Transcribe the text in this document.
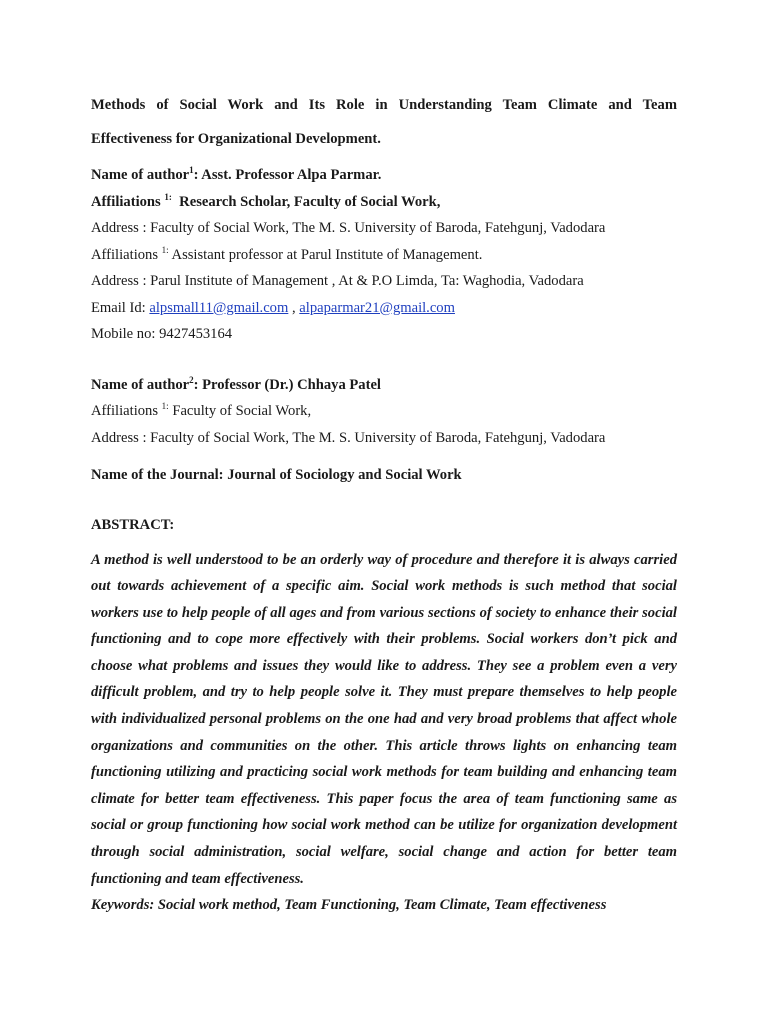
Methods of Social Work and Its Role in Understanding Team Climate and Team
Effectiveness for Organizational Development.

Name of author$^1$: Asst. Professor Alpa Parmar.

Affiliations $^{1:}$  Research Scholar, Faculty of Social Work,

Address : Faculty of Social Work, The M. S. University of Baroda, Fatehgunj, Vadodara

Affiliations $^{1:}$ Assistant professor at Parul Institute of Management.

Address : Parul Institute of Management , At & P.O Limda, Ta: Waghodia, Vadodara

Email Id: alpsmall11@gmail.com , alpaparmar21@gmail.com

Mobile no: 9427453164

Name of author$^2$: Professor (Dr.) Chhaya Patel

Affiliations $^{1:}$ Faculty of Social Work,

Address : Faculty of Social Work, The M. S. University of Baroda, Fatehgunj, Vadodara

Name of the Journal: Journal of Sociology and Social Work

ABSTRACT:

A method is well understood to be an orderly way of procedure and therefore it is always carried out towards achievement of a specific aim. Social work methods is such method that social workers use to help people of all ages and from various sections of society to enhance their social functioning and to cope more effectively with their problems. Social workers don’t pick and choose what problems and issues they would like to address. They see a problem even a very difficult problem, and try to help people solve it. They must prepare themselves to help people with individualized personal problems on the one had and very broad problems that affect whole organizations and communities on the other. This article throws lights on enhancing team functioning utilizing and practicing social work methods for team building and enhancing team climate for better team effectiveness. This paper focus the area of team functioning same as social or group functioning how social work method can be utilize for organization development through social administration, social welfare, social change and action for better team functioning and team effectiveness.

Keywords: Social work method, Team Functioning, Team Climate, Team effectiveness
